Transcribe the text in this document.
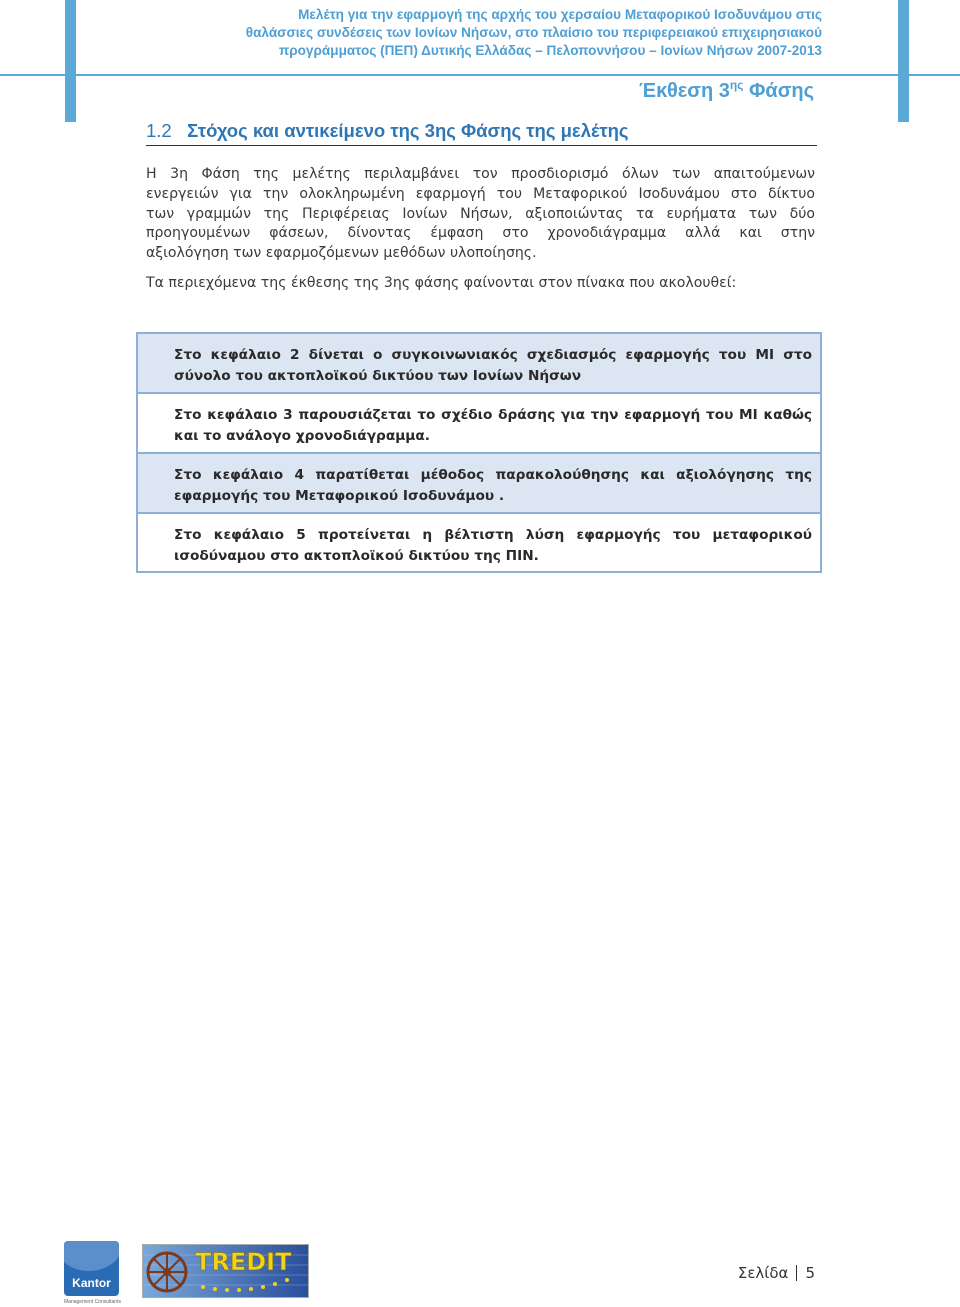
Μελέτη για την εφαρμογή της αρχής του χερσαίου Μεταφορικού Ισοδυνάμου στις
θαλάσσιες συνδέσεις των Ιονίων Νήσων, στο πλαίσιο του περιφερειακού επιχειρησιακού
προγράμματος (ΠΕΠ) Δυτικής Ελλάδας – Πελοποννήσου – Ιονίων Νήσων 2007-2013
Έκθεση $3^{\eta\varsigma}$ Φάσης
1.2 Στόχος και αντικείμενο της 3ης Φάσης της μελέτης
Η 3η Φάση της μελέτης περιλαμβάνει τον προσδιορισμό όλων των απαιτούμενων
ενεργειών για την ολοκληρωμένη εφαρμογή του Μεταφορικού Ισοδυνάμου στο δίκτυο
των γραμμών της Περιφέρειας Ιονίων Νήσων, αξιοποιώντας τα ευρήματα των δύο
προηγουμένων φάσεων, δίνοντας έμφαση στο χρονοδιάγραμμα αλλά και στην
αξιολόγηση των εφαρμοζόμενων μεθόδων υλοποίησης.
Τα περιεχόμενα της έκθεσης της 3ης φάσης φαίνονται στον πίνακα που ακολουθεί:
Στο κεφάλαιο 2 δίνεται ο συγκοινωνιακός σχεδιασμός εφαρμογής του ΜΙ στο
σύνολο του ακτοπλοϊκού δικτύου των Ιονίων Νήσων
Στο κεφάλαιο 3 παρουσιάζεται το σχέδιο δράσης για την εφαρμογή του ΜΙ καθώς
και το ανάλογο χρονοδιάγραμμα.
Στο κεφάλαιο 4 παρατίθεται μέθοδος παρακολούθησης και αξιολόγησης της
εφαρμογής του Μεταφορικού Ισοδυνάμου .
Στο κεφάλαιο 5 προτείνεται η βέλτιστη λύση εφαρμογής του μεταφορικού
ισοδύναμου στο ακτοπλοϊκού δικτύου της ΠΙΝ.
Kantor
Management Consultants
TREDIT	Σελίδα 5
